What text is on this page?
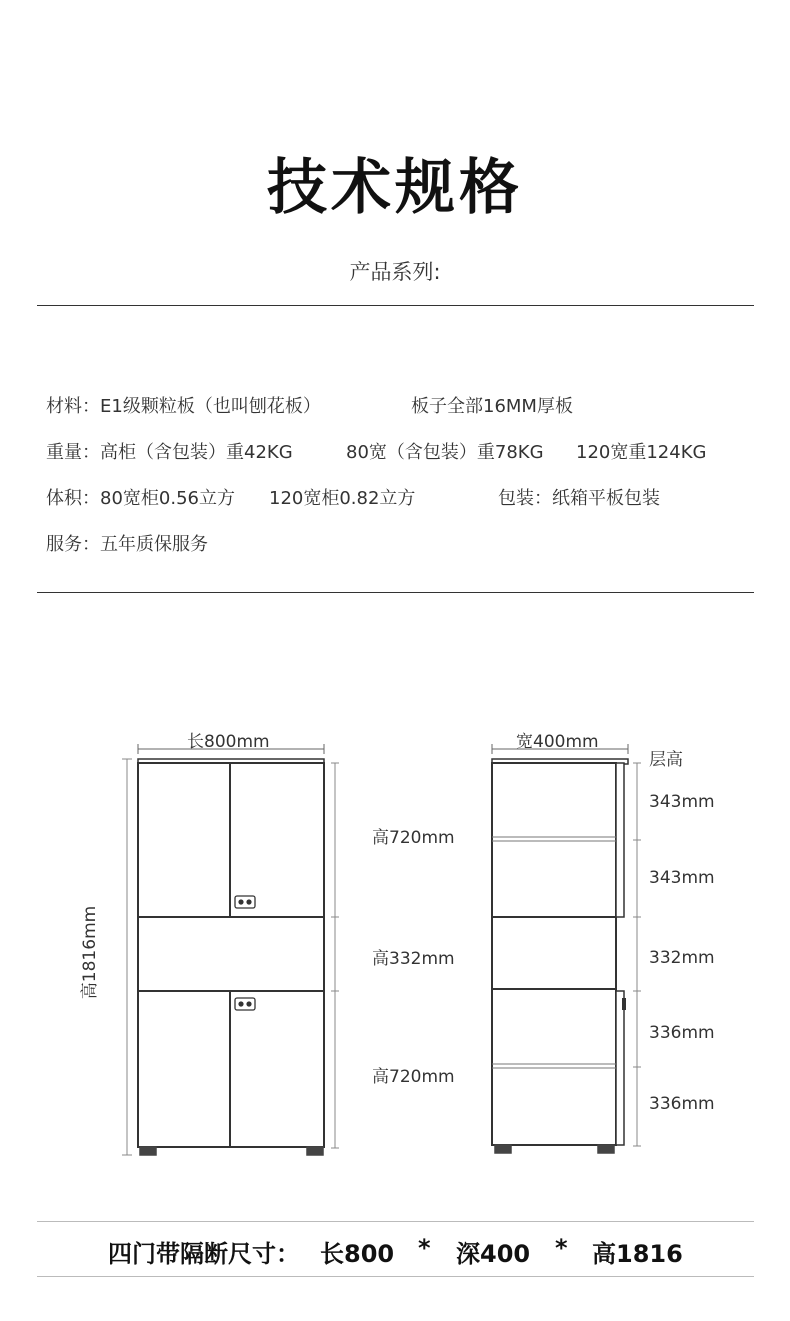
技术规格
产品系列:
材料：E1级颗粒板（也叫刨花板）	板子全部16MM厚板
重量：高柜（含包装）重42KG	80宽（含包装）重78KG 120宽重124KG
体积：80宽柜0.56立方 120宽柜0.82立方	包装：纸箱平板包装
服务：五年质保服务
长800mm
高1816mm
高720mm
高332mm
高720mm
宽400mm
层高
343mm
343mm
332mm
336mm
336mm
四门带隔断尺寸： 长800 * 深400 * 高1816
